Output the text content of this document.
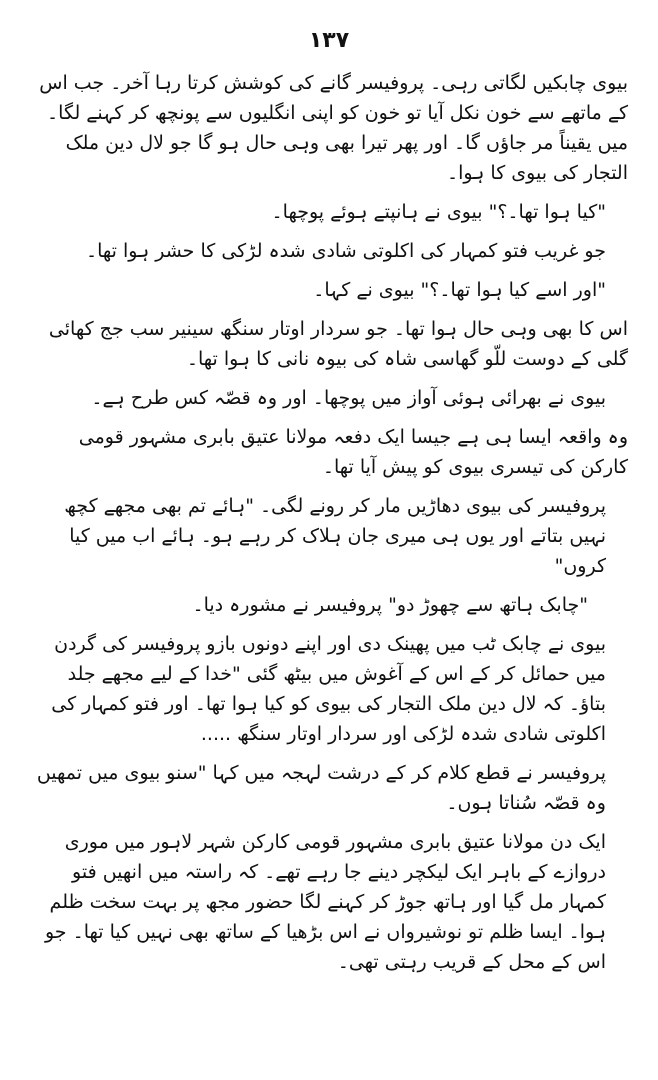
۱۳۷

بیوی چابکیں لگاتی رہی۔ پروفیسر گانے کی کوشش کرتا رہا آخر۔ جب اس کے ماتھے سے خون نکل آیا تو خون کو اپنی انگلیوں سے پونچھ کر کہنے لگا۔ میں یقیناً مر جاؤں گا۔ اور پھر تیرا بھی وہی حال ہو گا جو لال دین ملک التجار کی بیوی کا ہوا۔

"کیا ہوا تھا۔؟" بیوی نے ہانپتے ہوئے پوچھا۔

جو غریب فتو کمہار کی اکلوتی شادی شدہ لڑکی کا حشر ہوا تھا۔

"اور اسے کیا ہوا تھا۔؟" بیوی نے کہا۔

اس کا بھی وہی حال ہوا تھا۔ جو سردار اوتار سنگھ سینیر سب جج کھائی گلی کے دوست للّو گھاسی شاہ کی بیوہ نانی کا ہوا تھا۔

بیوی نے بھرائی ہوئی آواز میں پوچھا۔ اور وہ قصّہ کس طرح ہے۔

وہ واقعہ ایسا ہی ہے جیسا ایک دفعہ مولانا عتیق بابری مشہور قومی کارکن کی تیسری بیوی کو پیش آیا تھا۔

پروفیسر کی بیوی دھاڑیں مار کر رونے لگی۔ "ہائے تم بھی مجھے کچھ نہیں بتاتے اور یوں ہی میری جان ہلاک کر رہے ہو۔ ہائے اب میں کیا کروں"

"چابک ہاتھ سے چھوڑ دو" پروفیسر نے مشورہ دیا۔

بیوی نے چابک ٹب میں پھینک دی اور اپنے دونوں بازو پروفیسر کی گردن میں حمائل کر کے اس کے آغوش میں بیٹھ گئی "خدا کے لیے مجھے جلد بتاؤ۔ کہ لال دین ملک التجار کی بیوی کو کیا ہوا تھا۔ اور فتو کمہار کی اکلوتی شادی شدہ لڑکی اور سردار اوتار سنگھ .....

پروفیسر نے قطع کلام کر کے درشت لہجہ میں کہا "سنو بیوی میں تمھیں وہ قصّہ سُناتا ہوں۔

ایک دن مولانا عتیق بابری مشہور قومی کارکن شہر لاہور میں موری دروازے کے باہر ایک لیکچر دینے جا رہے تھے۔ کہ راستہ میں انھیں فتو کمہار مل گیا اور ہاتھ جوڑ کر کہنے لگا حضور مجھ پر بہت سخت ظلم ہوا۔ ایسا ظلم تو نوشیرواں نے اس بڑھیا کے ساتھ بھی نہیں کیا تھا۔ جو اس کے محل کے قریب رہتی تھی۔
